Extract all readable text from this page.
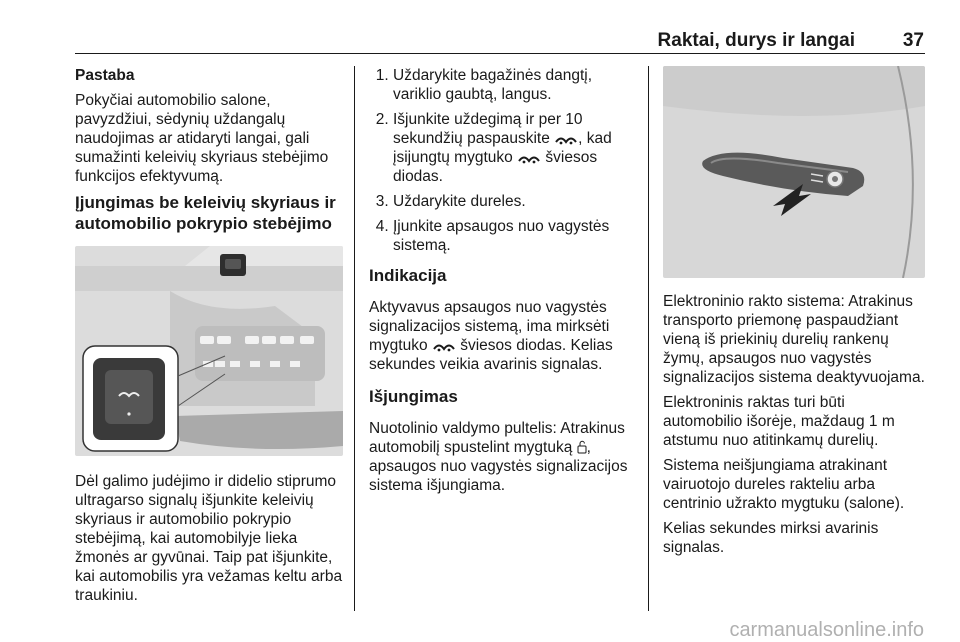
Raktai, durys ir langai	37

Pastaba

Pokyčiai automobilio salone, pavyzdžiui, sėdynių uždangalų naudojimas ar atidaryti langai, gali sumažinti keleivių skyriaus stebėjimo funkcijos efektyvumą.

Įjungimas be keleivių skyriaus ir automobilio pokrypio stebėjimo

Dėl galimo judėjimo ir didelio stiprumo ultragarso signalų išjunkite keleivių skyriaus ir automobilio pokrypio stebėjimą, kai automobilyje lieka žmonės ar gyvūnai. Taip pat išjunkite, kai automobilis yra vežamas keltu arba traukiniu.

1. Uždarykite bagažinės dangtį, variklio gaubtą, langus.
2. Išjunkite uždegimą ir per 10 sekundžių paspauskite , kad įsijungtų mygtuko šviesos diodas.
3. Uždarykite dureles.
4. Įjunkite apsaugos nuo vagystės sistemą.
Indikacija

Aktyvavus apsaugos nuo vagystės signalizacijos sistemą, ima mirksėti mygtuko šviesos diodas. Kelias sekundes veikia avarinis signalas.

Išjungimas

Nuotolinio valdymo pultelis: Atrakinus automobilį spustelint mygtuką , apsaugos nuo vagystės signalizacijos sistema išjungiama.

Elektroninio rakto sistema: Atrakinus transporto priemonę paspaudžiant vieną iš priekinių durelių rankenų žymų, apsaugos nuo vagystės signalizacijos sistema deaktyvuojama.

Elektroninis raktas turi būti automobilio išorėje, maždaug 1 m atstumu nuo atitinkamų durelių.

Sistema neišjungiama atrakinant vairuotojo dureles rakteliu arba centrinio užrakto mygtuku (salone).

Kelias sekundes mirksi avarinis signalas.

carmanualsonline.info
